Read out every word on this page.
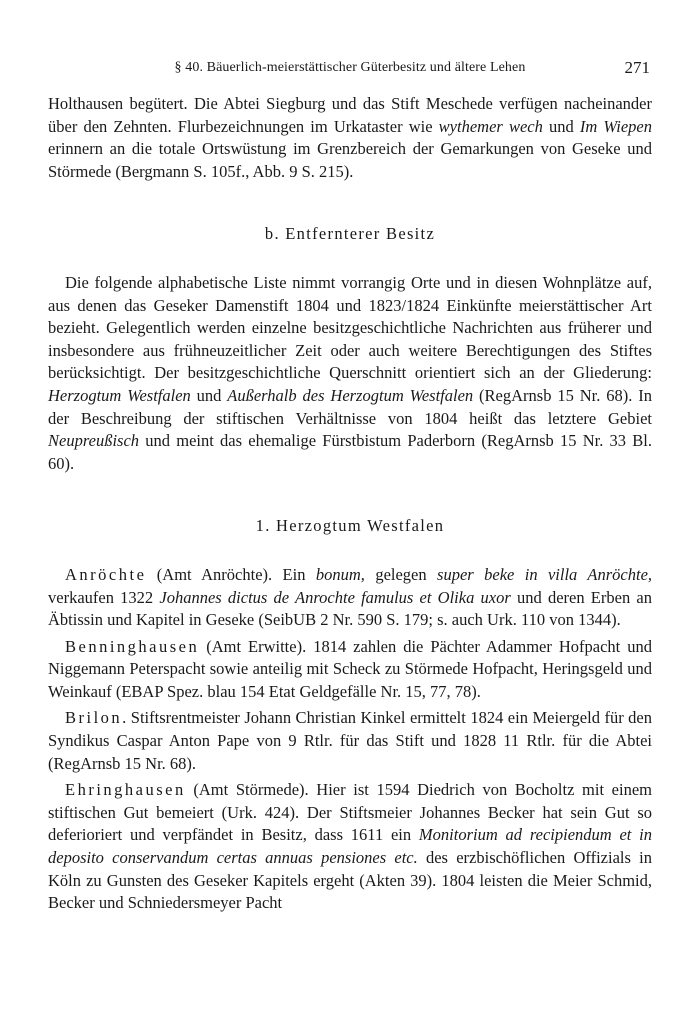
§ 40. Bäuerlich-meierstättischer Güterbesitz und ältere Lehen	271

Holthausen begütert. Die Abtei Siegburg und das Stift Meschede verfügen nacheinander über den Zehnten. Flurbezeichnungen im Urkataster wie wythemer wech und Im Wiepen erinnern an die totale Ortswüstung im Grenzbereich der Gemarkungen von Geseke und Störmede (Bergmann S. 105f., Abb. 9 S. 215).

b. Entfernterer Besitz

Die folgende alphabetische Liste nimmt vorrangig Orte und in diesen Wohnplätze auf, aus denen das Geseker Damenstift 1804 und 1823/1824 Einkünfte meierstättischer Art bezieht. Gelegentlich werden einzelne besitzgeschichtliche Nachrichten aus früherer und insbesondere aus frühneuzeitlicher Zeit oder auch weitere Berechtigungen des Stiftes berücksichtigt. Der besitzgeschichtliche Querschnitt orientiert sich an der Gliederung: Herzogtum Westfalen und Außerhalb des Herzogtum Westfalen (RegArnsb 15 Nr. 68). In der Beschreibung der stiftischen Verhältnisse von 1804 heißt das letztere Gebiet Neupreußisch und meint das ehemalige Fürstbistum Paderborn (RegArnsb 15 Nr. 33 Bl. 60).

1. Herzogtum Westfalen

Anröchte (Amt Anröchte). Ein bonum, gelegen super beke in villa Anröchte, verkaufen 1322 Johannes dictus de Anrochte famulus et Olika uxor und deren Erben an Äbtissin und Kapitel in Geseke (SeibUB 2 Nr. 590 S. 179; s. auch Urk. 110 von 1344).

Benninghausen (Amt Erwitte). 1814 zahlen die Pächter Adammer Hofpacht und Niggemann Peterspacht sowie anteilig mit Scheck zu Störmede Hofpacht, Heringsgeld und Weinkauf (EBAP Spez. blau 154 Etat Geldgefälle Nr. 15, 77, 78).

Brilon. Stiftsrentmeister Johann Christian Kinkel ermittelt 1824 ein Meiergeld für den Syndikus Caspar Anton Pape von 9 Rtlr. für das Stift und 1828 11 Rtlr. für die Abtei (RegArnsb 15 Nr. 68).

Ehringhausen (Amt Störmede). Hier ist 1594 Diedrich von Bocholtz mit einem stiftischen Gut bemeiert (Urk. 424). Der Stiftsmeier Johannes Becker hat sein Gut so deferioriert und verpfändet in Besitz, dass 1611 ein Monitorium ad recipiendum et in deposito conservandum certas annuas pensiones etc. des erzbischöflichen Offizials in Köln zu Gunsten des Geseker Kapitels ergeht (Akten 39). 1804 leisten die Meier Schmid, Becker und Schniedersmeyer Pacht
